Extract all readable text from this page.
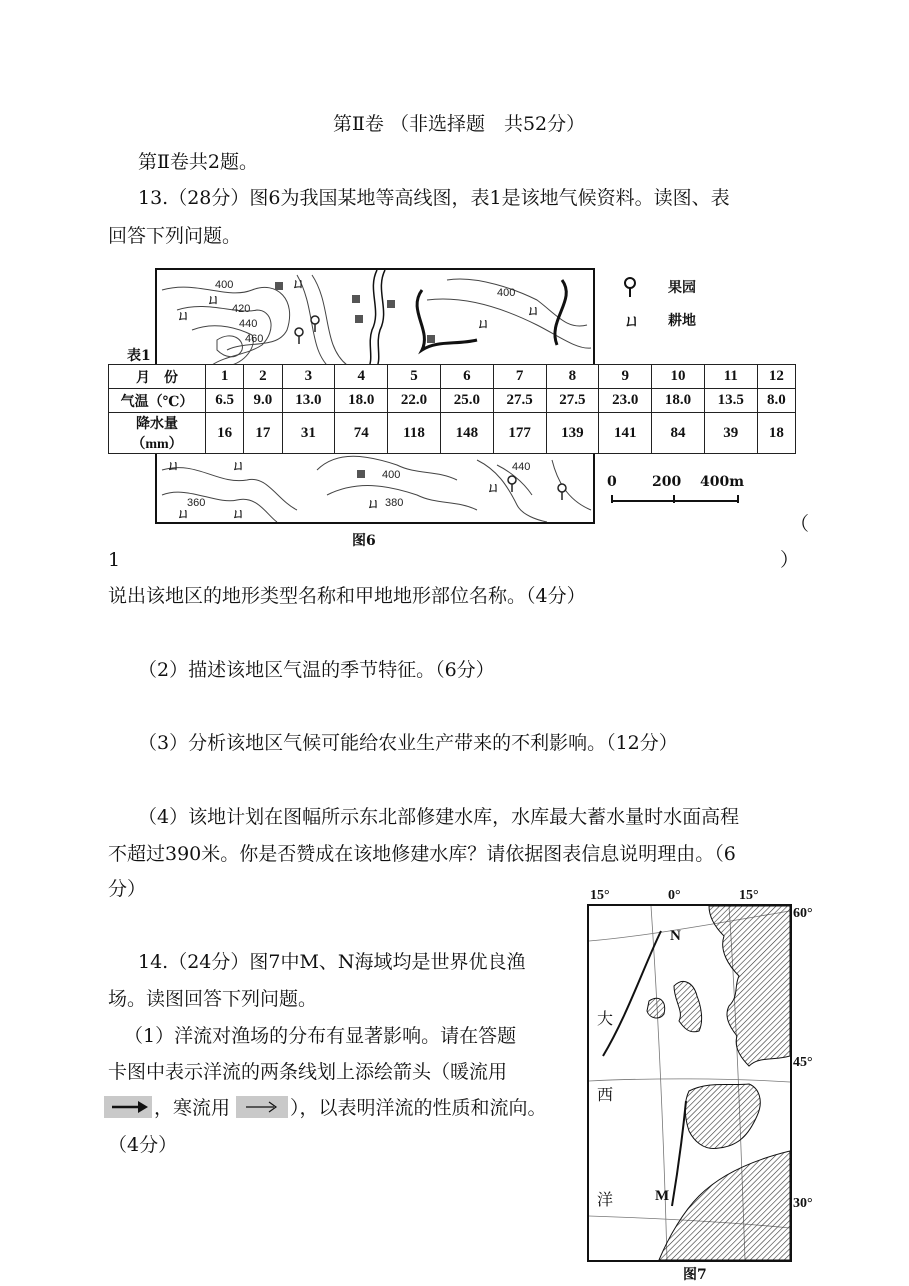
第Ⅱ卷 （非选择题　共52分）
第Ⅱ卷共2题。
13.（28分）图6为我国某地等高线图，表1是该地气候资料。读图、表
回答下列问题。
400
420
440
460
400
400
440
360	380
ㄩ
ㄩ
ㄩ
ㄩ
ㄩ
ㄩ	ㄩ
ㄩ	ㄩ
ㄩ
ㄩ
果园
ㄩ 耕地
表1
月　份	1	2	3	4	5	6	7	8	9	10	11	12
气温（℃）	6.5	9.0	13.0	18.0	22.0	25.0	27.5	27.5	23.0	18.0	13.5	8.0

降水量
（mm）	16	17	31	74	118	148	177	139	141	84	39	18
0	200 400m
图6
（
1	）
说出该地区的地形类型名称和甲地地形部位名称。（4分）
（2）描述该地区气温的季节特征。（6分）
（3）分析该地区气候可能给农业生产带来的不利影响。（12分）
（4）该地计划在图幅所示东北部修建水库，水库最大蓄水量时水面高程
不超过390米。你是否赞成在该地修建水库？请依据图表信息说明理由。（6
分）
14.（24分）图7中M、N海域均是世界优良渔
场。读图回答下列问题。
（1）洋流对渔场的分布有显著影响。请在答题
卡图中表示洋流的两条线划上添绘箭头（暖流用
，寒流用	），以表明洋流的性质和流向。
（4分）
15°	0°	15°
60°
45°
30°
大
西
洋
N
M
图7
